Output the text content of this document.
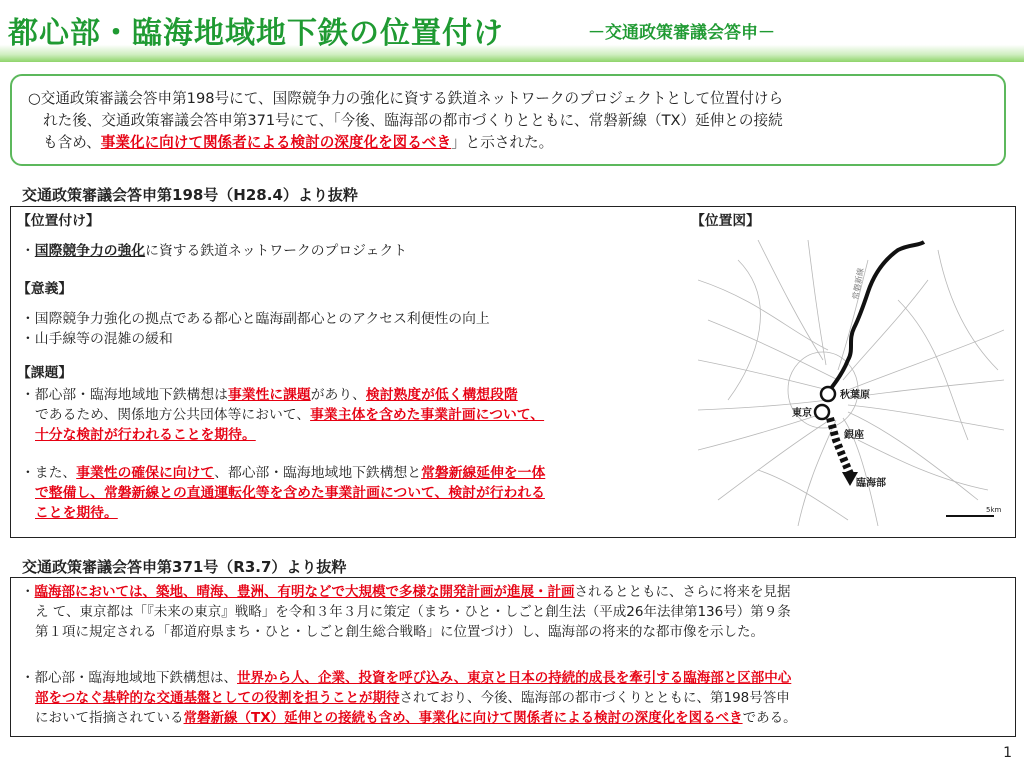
都心部・臨海地域地下鉄の位置付け	－交通政策審議会答申－

○交通政策審議会答申第198号にて、国際競争力の強化に資する鉄道ネットワークのプロジェクトとして位置付けら
れた後、交通政策審議会答申第371号にて、「今後、臨海部の都市づくりとともに、常磐新線（TX）延伸との接続
も含め、事業化に向けて関係者による検討の深度化を図るべき」と示された。

交通政策審議会答申第198号（H28.4）より抜粋
【位置付け】
・国際競争力の強化に資する鉄道ネットワークのプロジェクト
【意義】
・国際競争力強化の拠点である都心と臨海副都心とのアクセス利便性の向上
・山手線等の混雑の緩和
【課題】
・都心部・臨海地域地下鉄構想は事業性に課題があり、検討熟度が低く構想段階
であるため、関係地方公共団体等において、事業主体を含めた事業計画について、
十分な検討が行われることを期待。
・また、事業性の確保に向けて、都心部・臨海地域地下鉄構想と常磐新線延伸を一体
で整備し、常磐新線との直通運転化等を含めた事業計画について、検討が行われる
ことを期待。
【位置図】
常磐新線
秋葉原
東京
銀座
臨海部
5km
交通政策審議会答申第371号（R3.7）より抜粋
・臨海部においては、築地、晴海、豊洲、有明などで大規模で多様な開発計画が進展・計画されるとともに、さらに将来を見据
え て、東京都は「『未来の東京』戦略」を令和３年３月に策定（まち・ひと・しごと創生法（平成26年法律第136号）第９条
第１項に規定される「都道府県まち・ひと・しごと創生総合戦略」に位置づけ）し、臨海部の将来的な都市像を示した。
・都心部・臨海地域地下鉄構想は、世界から人、企業、投資を呼び込み、東京と日本の持続的成長を牽引する臨海部と区部中心
部をつなぐ基幹的な交通基盤としての役割を担うことが期待されており、今後、臨海部の都市づくりとともに、第198号答申
において指摘されている常磐新線（TX）延伸との接続も含め、事業化に向けて関係者による検討の深度化を図るべきである。
1
